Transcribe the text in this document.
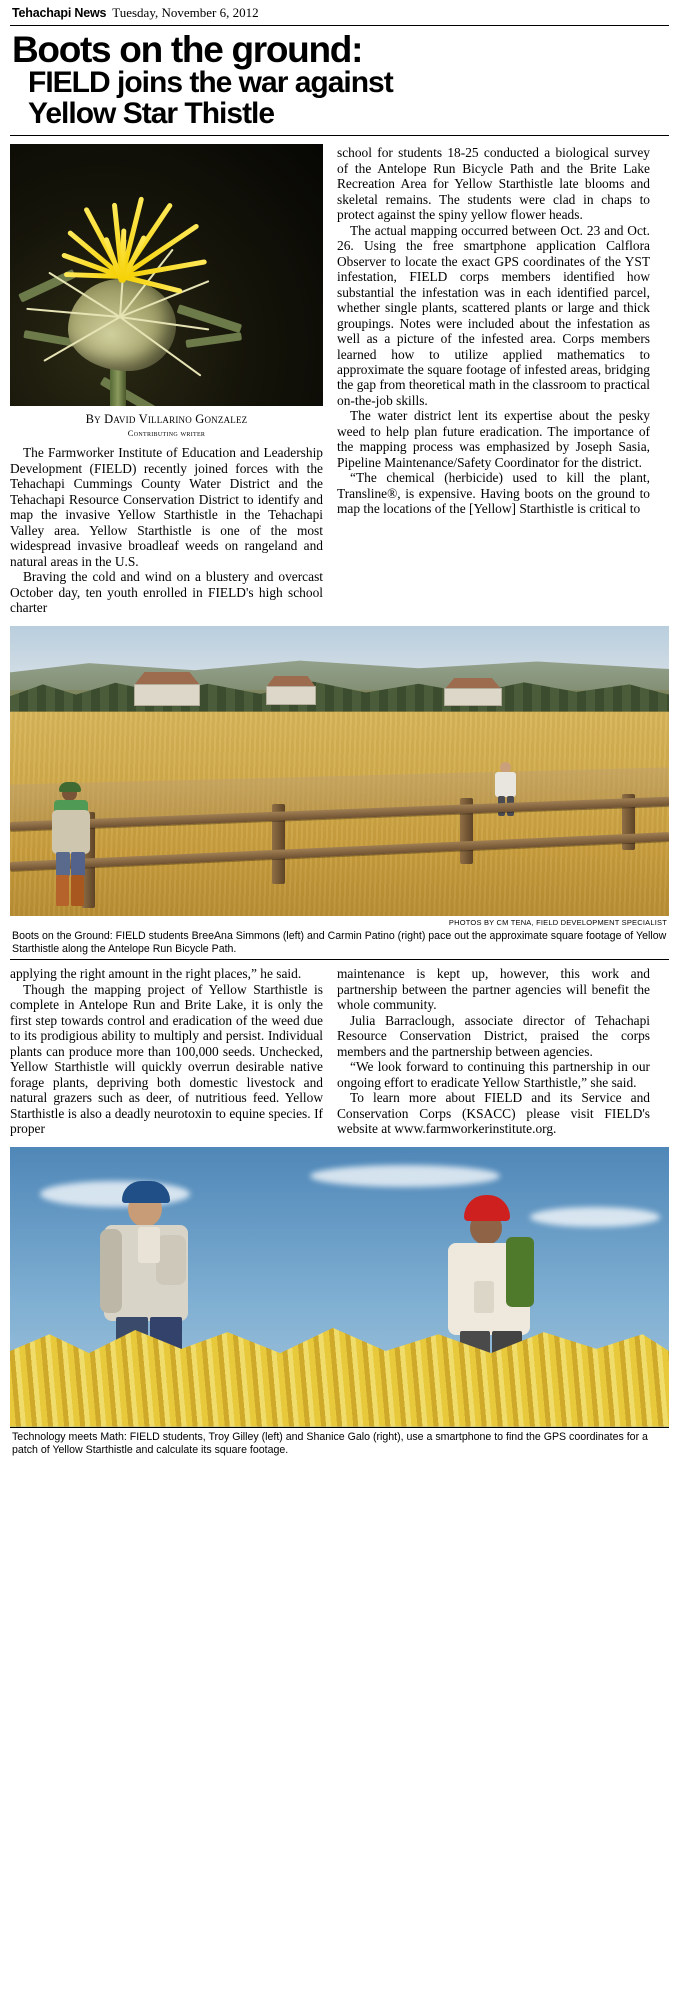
Tehachapi News Tuesday, November 6, 2012
Boots on the ground:
FIELD joins the war against
Yellow Star Thistle
By David Villarino Gonzalez
Contributing writer

The Farmworker Institute of Education and Leadership Development (FIELD) recently joined forces with the Tehachapi Cummings County Water District and the Tehachapi Resource Conservation District to identify and map the invasive Yellow Starthistle in the Tehachapi Valley area. Yellow Starthistle is one of the most widespread invasive broadleaf weeds on rangeland and natural areas in the U.S.

Braving the cold and wind on a blustery and overcast October day, ten youth enrolled in FIELD's high school charter

school for students 18-25 conducted a biological survey of the Antelope Run Bicycle Path and the Brite Lake Recreation Area for Yellow Starthistle late blooms and skeletal remains. The students were clad in chaps to protect against the spiny yellow flower heads.

The actual mapping occurred between Oct. 23 and Oct. 26. Using the free smartphone application Calflora Observer to locate the exact GPS coordinates of the YST infestation, FIELD corps members identified how substantial the infestation was in each identified parcel, whether single plants, scattered plants or large and thick groupings. Notes were included about the infestation as well as a picture of the infested area. Corps members learned how to utilize applied mathematics to approximate the square footage of infested areas, bridging the gap from theoretical math in the classroom to practical on-the-job skills.

The water district lent its expertise about the pesky weed to help plan future eradication. The importance of the mapping process was emphasized by Joseph Sasia, Pipeline Maintenance/Safety Coordinator for the district.

“The chemical (herbicide) used to kill the plant, Transline®, is expensive. Having boots on the ground to map the locations of the [Yellow] Starthistle is critical to

PHOTOS BY CM TENA, FIELD DEVELOPMENT SPECIALIST
Boots on the Ground: FIELD students BreeAna Simmons (left) and Carmin Patino (right) pace out the approximate square footage of Yellow Starthistle along the Antelope Run Bicycle Path.

applying the right amount in the right places,” he said.

Though the mapping project of Yellow Starthistle is complete in Antelope Run and Brite Lake, it is only the first step towards control and eradication of the weed due to its prodigious ability to multiply and persist. Individual plants can produce more than 100,000 seeds. Unchecked, Yellow Starthistle will quickly overrun desirable native forage plants, depriving both domestic livestock and natural grazers such as deer, of nutritious feed. Yellow Starthistle is also a deadly neurotoxin to equine species. If proper

maintenance is kept up, however, this work and partnership between the partner agencies will benefit the whole community.

Julia Barraclough, associate director of Tehachapi Resource Conservation District, praised the corps members and the partnership between agencies.

“We look forward to continuing this partnership in our ongoing effort to eradicate Yellow Starthistle,” she said.

To learn more about FIELD and its Service and Conservation Corps (KSACC) please visit FIELD's website at www.farmworkerinstitute.org.

Technology meets Math: FIELD students, Troy Gilley (left) and Shanice Galo (right), use a smartphone to find the GPS coordinates for a patch of Yellow Starthistle and calculate its square footage.
